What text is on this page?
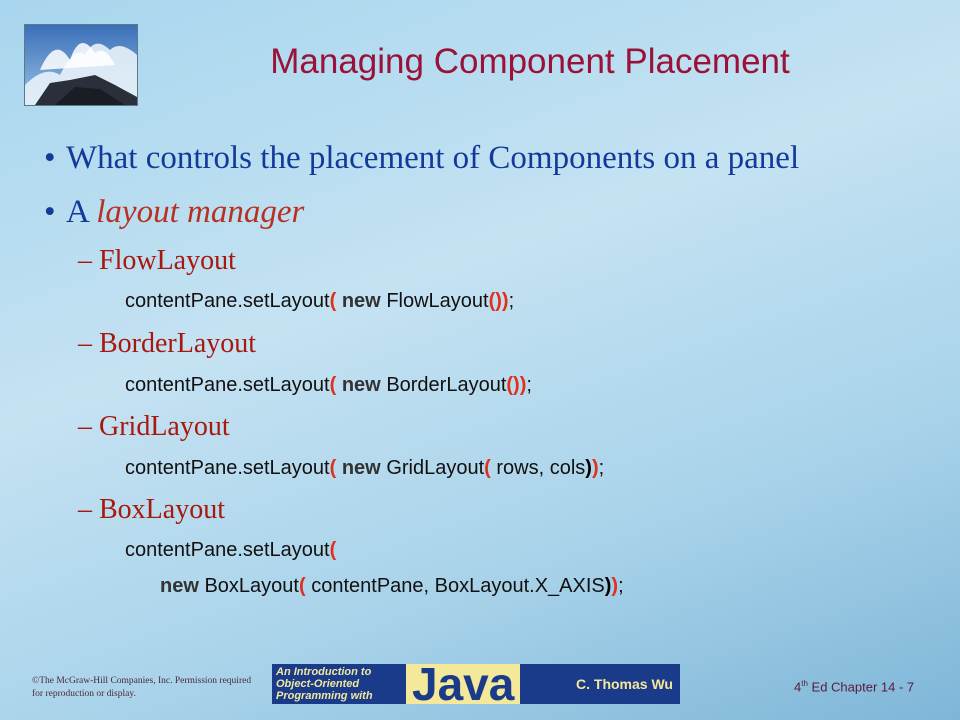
Managing Component Placement
• What controls the placement of Components on a panel
• A layout manager
– FlowLayout
contentPane.setLayout( new FlowLayout());
– BorderLayout
contentPane.setLayout( new BorderLayout());
– GridLayout
contentPane.setLayout( new GridLayout( rows, cols));
– BoxLayout
contentPane.setLayout(
new BoxLayout( contentPane, BoxLayout.X_AXIS));
©The McGraw-Hill Companies, Inc. Permission required for reproduction or display.
An Introduction to Object-Oriented Programming with Java	C. Thomas Wu	4th Ed Chapter 14 - 7
